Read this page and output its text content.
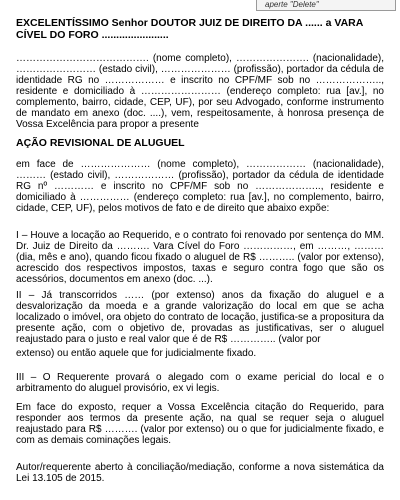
aperte "Delete"

EXCELENTÍSSIMO Senhor DOUTOR JUIZ DE DIREITO DA ...... a VARA CÍVEL DO FORO .......................

…………………………………. (nome completo), …………………. (nacionalidade), …………………… (estado civil), ………………… (profissão), portador da cédula de identidade RG no ……………… e inscrito no CPF/MF sob no ……………….., residente e domiciliado à …………………… (endereço completo: rua [av.], no complemento, bairro, cidade, CEP, UF), por seu Advogado, conforme instrumento de mandato em anexo (doc. ....), vem, respeitosamente, à honrosa presença de Vossa Excelência para propor a presente

AÇÃO REVISIONAL DE ALUGUEL

em face de ………………… (nome completo), ……………… (nacionalidade), ……… (estado civil), ……………… (profissão), portador da cédula de identidade RG nº ………… e inscrito no CPF/MF sob no ……………….., residente e domiciliado à …………… (endereço completo: rua [av.], no complemento, bairro, cidade, CEP, UF), pelos motivos de fato e de direito que abaixo expõe:

I – Houve a locação ao Requerido, e o contrato foi renovado por sentença do MM. Dr. Juiz de Direito da ………. Vara Cível do Foro ……………, em ………, ……… (dia, mês e ano), quando ficou fixado o aluguel de R$ ……….. (valor por extenso), acrescido dos respectivos impostos, taxas e seguro contra fogo que são os acessórios, documentos em anexo (doc. ...).

II – Já transcorridos …… (por extenso) anos da fixação do aluguel e a desvalorização da moeda e a grande valorização do local em que se acha localizado o imóvel, ora objeto do contrato de locação, justifica-se a propositura da presente ação, com o objetivo de, provadas as justificativas, ser o aluguel reajustado para o justo e real valor que é de R$ ………….. (valor por

extenso) ou então aquele que for judicialmente fixado.

III – O Requerente provará o alegado com o exame pericial do local e o arbitramento do aluguel provisório, ex vi legis.

Em face do exposto, requer a Vossa Excelência citação do Requerido, para responder aos termos da presente ação, na qual se requer seja o aluguel reajustado para R$ ………. (valor por extenso) ou o que for judicialmente fixado, e com as demais cominações legais.

Autor/requerente aberto à conciliação/mediação, conforme a nova sistemática da Lei 13.105 de 2015.
